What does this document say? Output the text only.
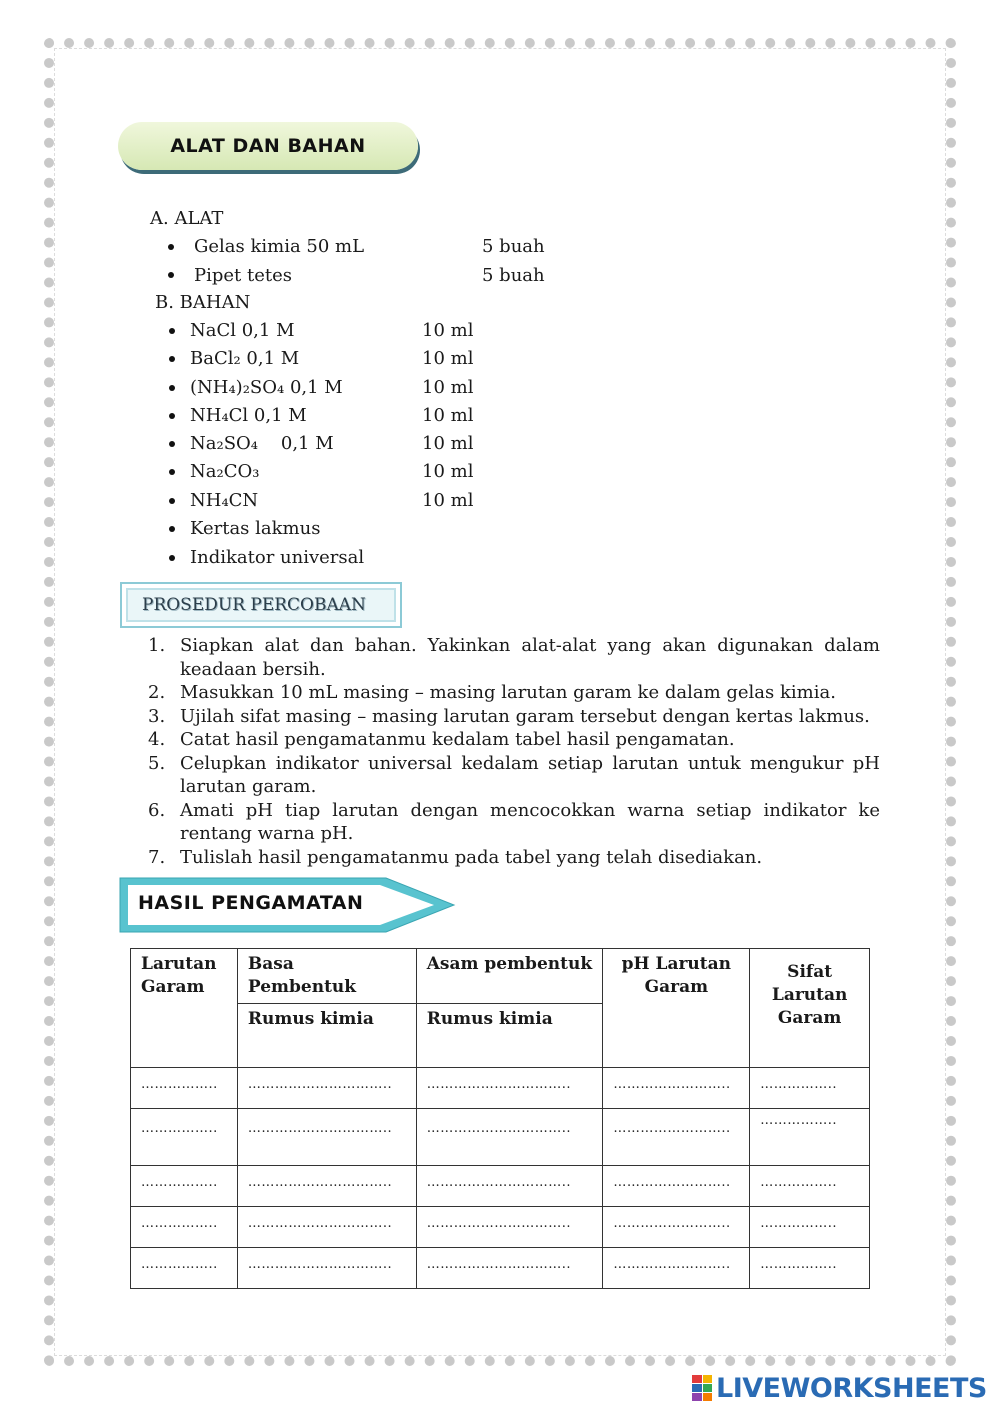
ALAT DAN BAHAN
A. ALAT
Gelas kimia 50 mL	5 buah
Pipet tetes	5 buah
B. BAHAN
NaCl 0,1 M	10 ml
BaCl₂ 0,1 M	10 ml
(NH₄)₂SO₄ 0,1 M	10 ml
NH₄Cl 0,1 M	10 ml
Na₂SO₄    0,1 M	10 ml
Na₂CO₃	10 ml
NH₄CN	10 ml
Kertas lakmus
Indikator universal
PROSEDUR PERCOBAAN
1. Siapkan alat dan bahan. Yakinkan alat-alat yang akan digunakan dalam keadaan bersih.
2. Masukkan 10 mL masing – masing larutan garam ke dalam gelas kimia.
3. Ujilah sifat masing – masing larutan garam tersebut dengan kertas lakmus.
4. Catat hasil pengamatanmu kedalam tabel hasil pengamatan.
5. Celupkan indikator universal kedalam setiap larutan untuk mengukur pH larutan garam.
6. Amati pH tiap larutan dengan mencocokkan warna setiap indikator ke rentang warna pH.
7. Tulislah hasil pengamatanmu pada tabel yang telah disediakan.
HASIL PENGAMATAN
Larutan Garam	Basa Pembentuk	Asam pembentuk	pH Larutan Garam	Sifat Larutan Garam
	Rumus kimia	Rumus kimia		
……………..	…………………………..	…………………………..	……………………..	……………..
……………..	…………………………..	…………………………..	……………………..	……………..
……………..	…………………………..	…………………………..	……………………..	……………..
……………..	…………………………..	…………………………..	……………………..	……………..
……………..	…………………………..	…………………………..	……………………..	……………..
LIVEWORKSHEETS
